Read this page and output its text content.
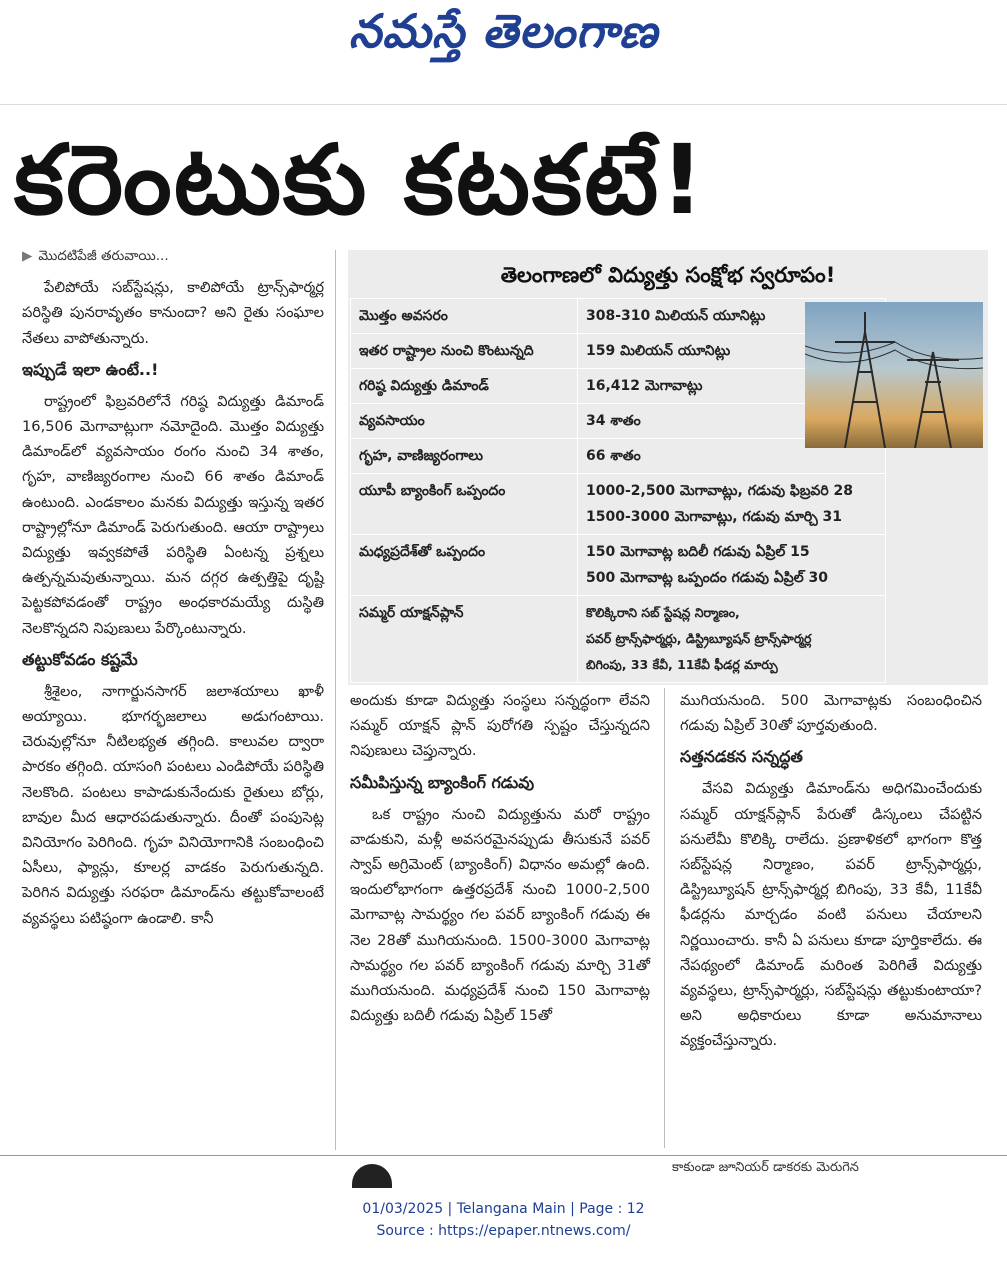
నమస్తే తెలంగాణ
కరెంటుకు కటకటే!
▶ మొదటిపేజీ తరువాయి...

పేలిపోయే సబ్‌స్టేషన్లు, కాలిపోయే ట్రాన్స్‌ఫార్మర్ల పరిస్థితి పునరావృతం కానుందా? అని రైతు సంఘాల నేతలు వాపోతున్నారు.

ఇప్పుడే ఇలా ఉంటే..!

రాష్ట్రంలో ఫిబ్రవరిలోనే గరిష్ఠ విద్యుత్తు డిమాండ్ 16,506 మెగావాట్లుగా నమోదైంది. మొత్తం విద్యుత్తు డిమాండ్‌లో వ్యవసాయం రంగం నుంచి 34 శాతం, గృహ, వాణిజ్యరంగాల నుంచి 66 శాతం డిమాండ్ ఉంటుంది. ఎండకాలం మనకు విద్యుత్తు ఇస్తున్న ఇతర రాష్ట్రాల్లోనూ డిమాండ్ పెరుగుతుంది. ఆయా రాష్ట్రాలు విద్యుత్తు ఇవ్వకపోతే పరిస్థితి ఏంటన్న ప్రశ్నలు ఉత్పన్నమవుతున్నాయి. మన దగ్గర ఉత్పత్తిపై దృష్టి పెట్టకపోవడంతో రాష్ట్రం అంధకారమయ్యే దుస్థితి నెలకొన్నదని నిపుణులు పేర్కొంటున్నారు.

తట్టుకోవడం కష్టమే

శ్రీశైలం, నాగార్జునసాగర్ జలాశయాలు ఖాళీ అయ్యాయి. భూగర్భజలాలు అడుగంటాయి. చెరువుల్లోనూ నీటిలభ్యత తగ్గింది. కాలువల ద్వారా పారకం తగ్గింది. యాసంగి పంటలు ఎండిపోయే పరిస్థితి నెలకొంది. పంటలు కాపాడుకునేందుకు రైతులు బోర్లు, బావుల మీద ఆధారపడుతున్నారు. దీంతో పంపుసెట్ల వినియోగం పెరిగింది. గృహ వినియోగానికి సంబంధించి ఏసీలు, ఫ్యాన్లు, కూలర్ల వాడకం పెరుగుతున్నది. పెరిగిన విద్యుత్తు సరఫరా డిమాండ్‌ను తట్టుకోవాలంటే వ్యవస్థలు పటిష్ఠంగా ఉండాలి. కానీ

తెలంగాణలో విద్యుత్తు సంక్షోభ స్వరూపం!
మొత్తం అవసరం	308-310 మిలియన్ యూనిట్లు
ఇతర రాష్ట్రాల నుంచి కొంటున్నది	159 మిలియన్ యూనిట్లు
గరిష్ఠ విద్యుత్తు డిమాండ్	16,412 మెగావాట్లు
వ్యవసాయం	34 శాతం
గృహ, వాణిజ్యరంగాలు	66 శాతం
యూపీ బ్యాంకింగ్ ఒప్పందం	1000-2,500 మెగావాట్లు, గడువు ఫిబ్రవరి 28
1500-3000 మెగావాట్లు, గడువు మార్చి 31

మధ్యప్రదేశ్‌తో ఒప్పందం	150 మెగావాట్ల బదిలీ గడువు ఏప్రిల్ 15
500 మెగావాట్ల ఒప్పందం గడువు ఏప్రిల్ 30

సమ్మర్ యాక్షన్‌ప్లాన్	కొలిక్కిరాని సబ్ స్టేషన్ల నిర్మాణం,
పవర్ ట్రాన్స్‌ఫార్మర్లు, డిస్ట్రిబ్యూషన్ ట్రాన్స్‌ఫార్మర్ల
బిగింపు, 33 కేవీ, 11కేవీ ఫీడర్ల మార్పు

అందుకు కూడా విద్యుత్తు సంస్థలు సన్నద్ధంగా లేవని సమ్మర్ యాక్షన్ ప్లాన్ పురోగతి స్పష్టం చేస్తున్నదని నిపుణులు చెప్తున్నారు.

సమీపిస్తున్న బ్యాంకింగ్ గడువు

ఒక రాష్ట్రం నుంచి విద్యుత్తును మరో రాష్ట్రం వాడుకుని, మళ్లీ అవసరమైనప్పుడు తీసుకునే పవర్ స్వాప్ అగ్రిమెంట్ (బ్యాంకింగ్) విధానం అమల్లో ఉంది. ఇందులోభాగంగా ఉత్తరప్రదేశ్ నుంచి 1000-2,500 మెగావాట్ల సామర్థ్యం గల పవర్ బ్యాంకింగ్ గడువు ఈ నెల 28తో ముగియనుంది. 1500-3000 మెగావాట్ల సామర్థ్యం గల పవర్ బ్యాంకింగ్ గడువు మార్చి 31తో ముగియనుంది. మధ్యప్రదేశ్ నుంచి 150 మెగావాట్ల విద్యుత్తు బదిలీ గడువు ఏప్రిల్ 15తో

ముగియనుంది. 500 మెగావాట్లకు సంబంధించిన గడువు ఏప్రిల్ 30తో పూర్తవుతుంది.

సత్తనడకన సన్నద్ధత

వేసవి విద్యుత్తు డిమాండ్‌ను అధిగమించేందుకు సమ్మర్ యాక్షన్‌ప్లాన్ పేరుతో డిస్కంలు చేపట్టిన పనులేమీ కొలిక్కి రాలేదు. ప్రణాళికలో భాగంగా కొత్త సబ్‌స్టేషన్ల నిర్మాణం, పవర్ ట్రాన్స్‌ఫార్మర్లు, డిస్ట్రిబ్యూషన్ ట్రాన్స్‌ఫార్మర్ల బిగింపు, 33 కేవీ, 11కేవీ ఫీడర్లను మార్చడం వంటి పనులు చేయాలని నిర్ణయించారు. కానీ ఏ పనులు కూడా పూర్తికాలేదు. ఈ నేపథ్యంలో డిమాండ్ మరింత పెరిగితే విద్యుత్తు వ్యవస్థలు, ట్రాన్స్‌ఫార్మర్లు, సబ్‌స్టేషన్లు తట్టుకుంటాయా? అని అధికారులు కూడా అనుమానాలు వ్యక్తంచేస్తున్నారు.

కాకుండా జూనియర్ డాకరకు మెరుగెన
01/03/2025 | Telangana Main | Page : 12
Source : https://epaper.ntnews.com/
